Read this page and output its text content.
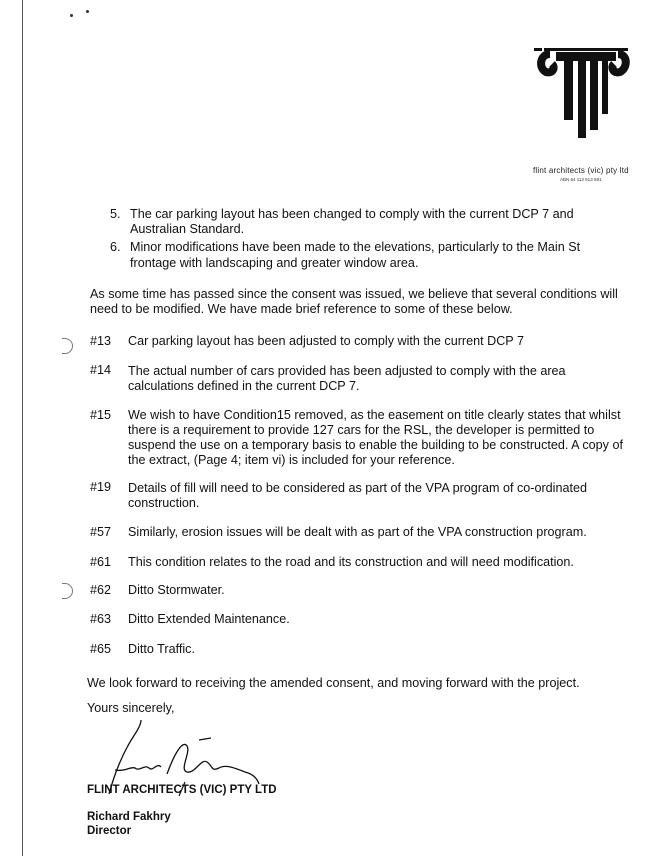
flint architects (vic) pty ltd
ABN 64 113 513 591
5. The car parking layout has been changed to comply with the current DCP 7 and
Australian Standard.
6. Minor modifications have been made to the elevations, particularly to the Main St
frontage with landscaping and greater window area.
As some time has passed since the consent was issued, we believe that several conditions will
need to be modified. We have made brief reference to some of these below.
#13 Car parking layout has been adjusted to comply with the current DCP 7
#14 The actual number of cars provided has been adjusted to comply with the area
calculations defined in the current DCP 7.
#15 We wish to have Condition15 removed, as the easement on title clearly states that whilst
there is a requirement to provide 127 cars for the RSL, the developer is permitted to
suspend the use on a temporary basis to enable the building to be constructed. A copy of
the extract, (Page 4; item vi) is included for your reference.
#19 Details of fill will need to be considered as part of the VPA program of co-ordinated
construction.
#57 Similarly, erosion issues will be dealt with as part of the VPA construction program.
#61 This condition relates to the road and its construction and will need modification.
#62 Ditto Stormwater.
#63 Ditto Extended Maintenance.
#65 Ditto Traffic.
We look forward to receiving the amended consent, and moving forward with the project.
Yours sincerely,
FLINT ARCHITECTS (VIC) PTY LTD
Richard Fakhry
Director
